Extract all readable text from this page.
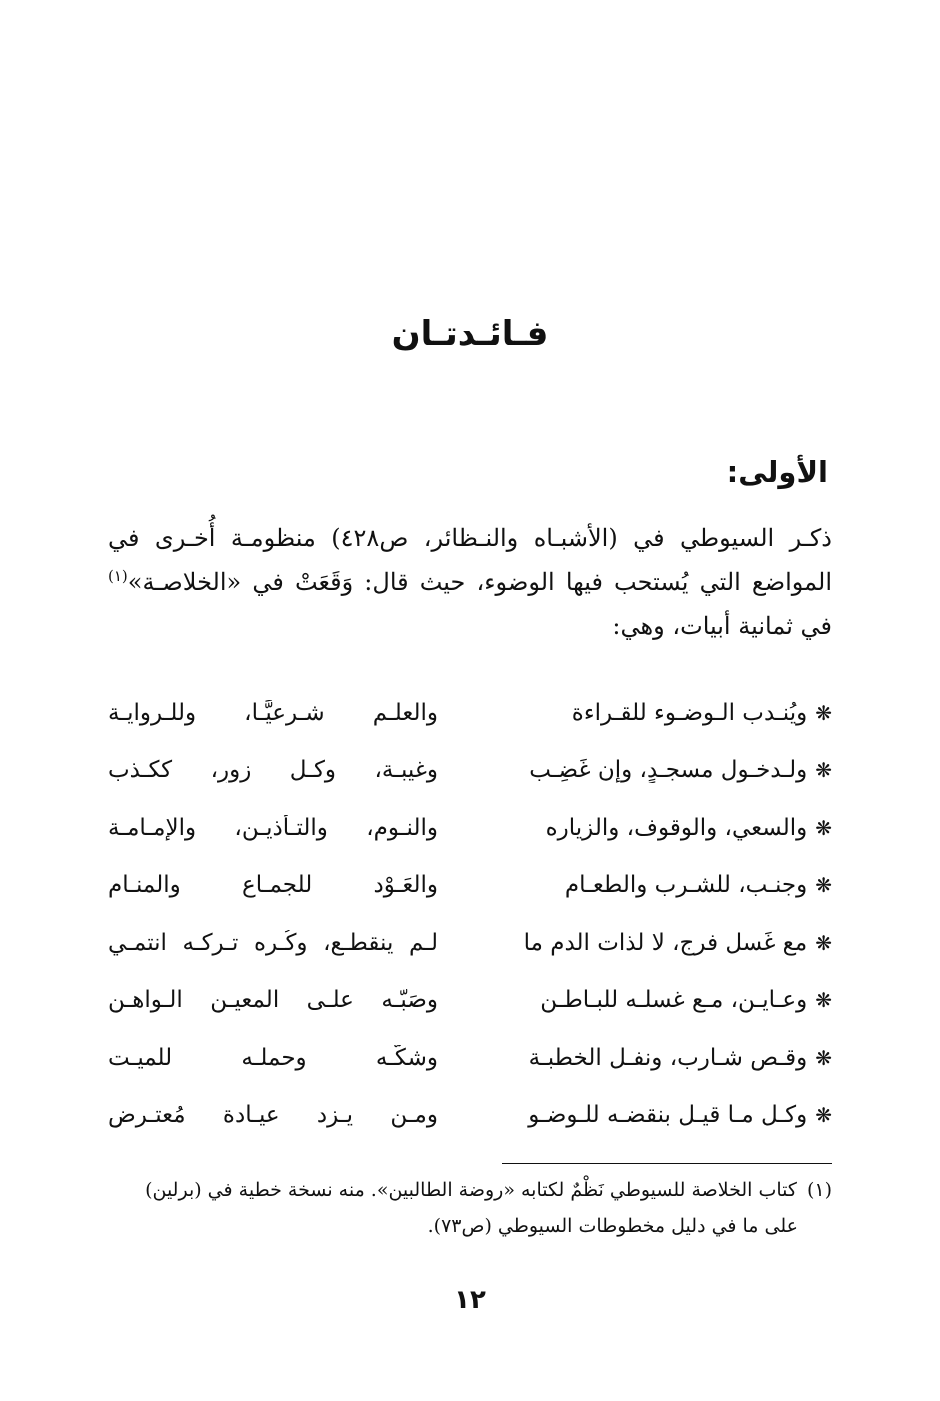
فـائـدتـان
الأولى:
ذكـر السيوطي في (الأشبـاه والنـظائر، ص٤٢٨) منظومـة أُخـرى في
المواضع التي يُستحب فيها الوضوء، حيث قال: وَقَعَتْ في «الخلاصـة»$^{(١)}$
في ثمانية أبيات، وهي:
❋ويُنـدب الـوضـوء للقـراءة
والعلـم شـرعيًّـا، وللـروايـة
❋ولـدخـول مسجـدٍ، وإن غَضِـب
وغيبـة، وكـل زورٍ، ككـذب
❋والسعي، والوقوف، والزياره
والنـوم، والتـأذيـن، والإمـامـة
❋وجنـب، للشـرب والطعـام
والعَـوْد للجمـاع والمنـام
❋مع غَسل فرجٍ، لا لذات الدم ما
لـم ينقطـع، وكُـره تـركـه انتمـي
❋وعـايـن، مـع غسلـه للبـاطـن
وصَبّـه علـى المعيـن الـواهـن
❋وقـص شـارب، ونفـل الخطبـة
وشكّـه وحملـه للميـت
❋وكـل مـا قيـل بنقضـه للـوضـو
ومـن يـزد عيـادة مُعتـرض
(١)كتاب الخلاصة للسيوطي نَظْمٌ لكتابه «روضة الطالبين». منه نسخة خطية في (برلين)
على ما في دليل مخطوطات السيوطي (ص٧٣).
١٢
